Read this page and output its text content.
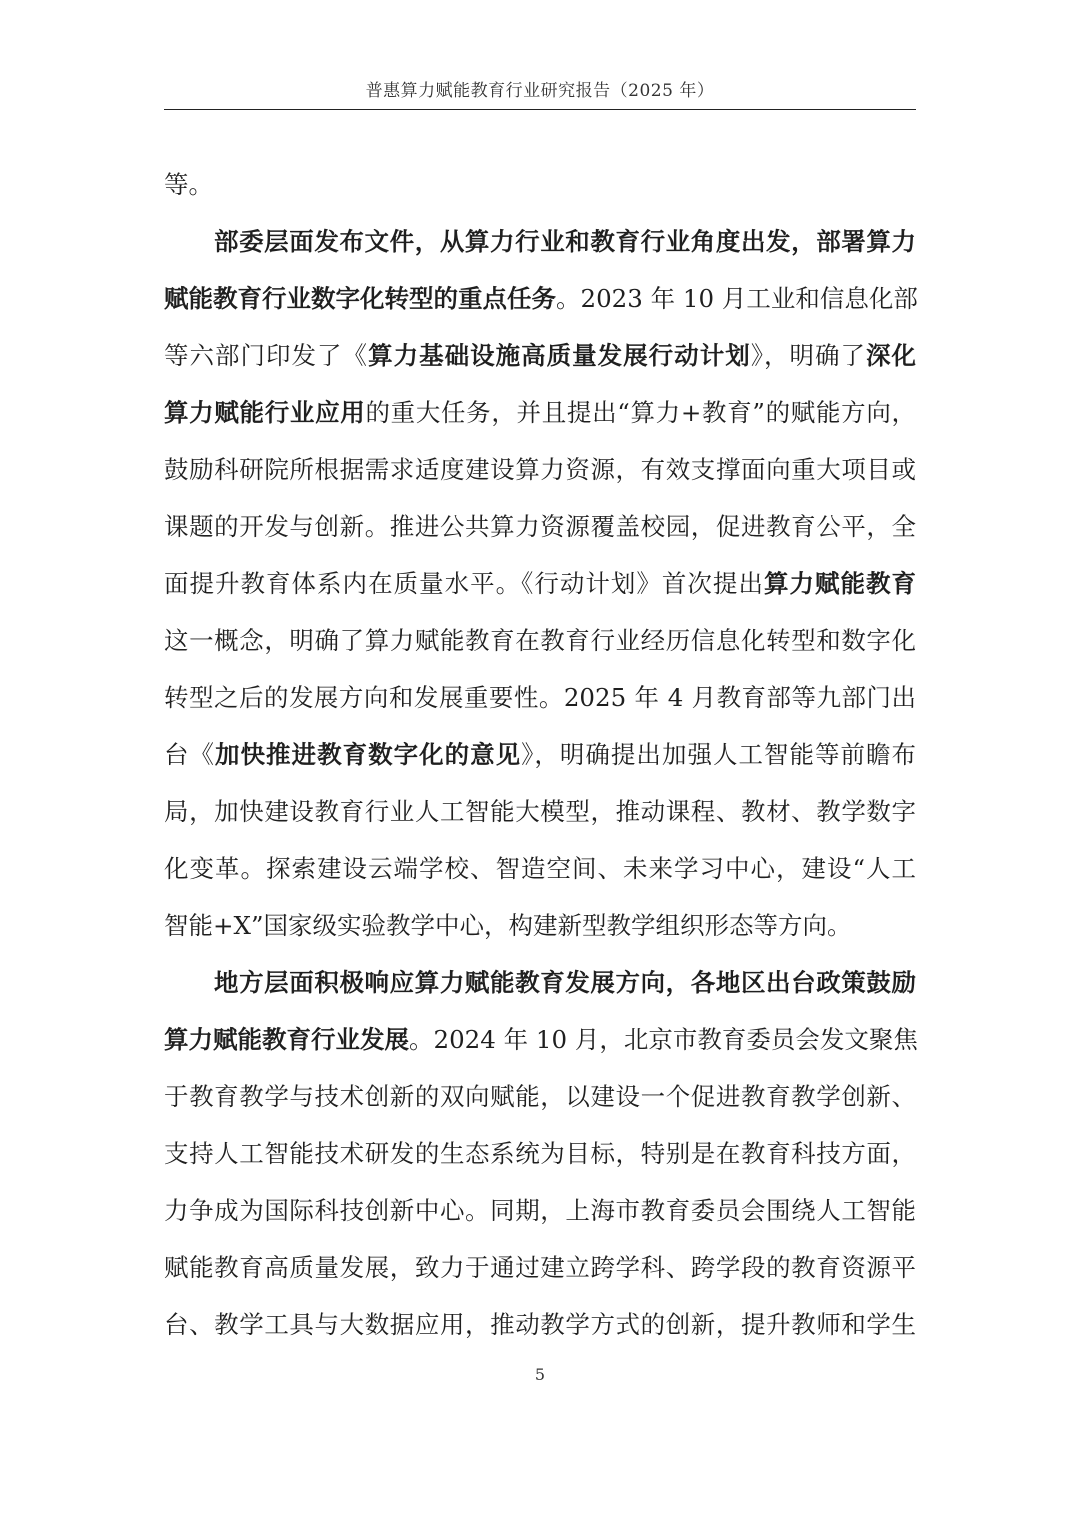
普惠算力赋能教育行业研究报告（2025 年）
等。
部委层面发布文件，从算力行业和教育行业角度出发，部署算力
赋能教育行业数字化转型的重点任务。2023 年 10 月工业和信息化部
等六部门印发了《算力基础设施高质量发展行动计划》，明确了深化
算力赋能行业应用的重大任务，并且提出“算力+教育”的赋能方向，
鼓励科研院所根据需求适度建设算力资源，有效支撑面向重大项目或
课题的开发与创新。推进公共算力资源覆盖校园，促进教育公平，全
面提升教育体系内在质量水平。《行动计划》首次提出算力赋能教育
这一概念，明确了算力赋能教育在教育行业经历信息化转型和数字化
转型之后的发展方向和发展重要性。2025 年 4 月教育部等九部门出
台《加快推进教育数字化的意见》，明确提出加强人工智能等前瞻布
局，加快建设教育行业人工智能大模型，推动课程、教材、教学数字
化变革。探索建设云端学校、智造空间、未来学习中心，建设“人工
智能+X”国家级实验教学中心，构建新型教学组织形态等方向。
地方层面积极响应算力赋能教育发展方向，各地区出台政策鼓励
算力赋能教育行业发展。2024 年 10 月，北京市教育委员会发文聚焦
于教育教学与技术创新的双向赋能，以建设一个促进教育教学创新、
支持人工智能技术研发的生态系统为目标，特别是在教育科技方面，
力争成为国际科技创新中心。同期，上海市教育委员会围绕人工智能
赋能教育高质量发展，致力于通过建立跨学科、跨学段的教育资源平
台、教学工具与大数据应用，推动教学方式的创新，提升教师和学生
5
